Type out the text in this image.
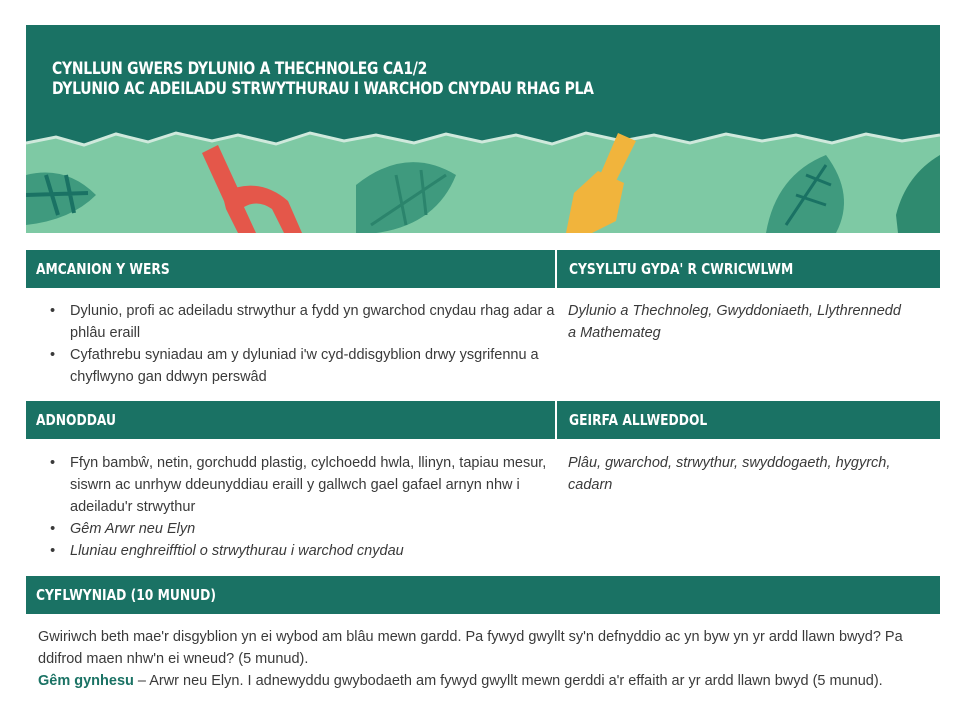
CYNLLUN GWERS DYLUNIO A THECHNOLEG CA1/2
DYLUNIO AC ADEILADU STRWYTHURAU I WARCHOD CNYDAU RHAG PLA
AMCANION Y WERS	CYSYLLTU GYDA' R CWRICWLWM
• Dylunio, profi ac adeiladu strwythur a fydd yn gwarchod cnydau rhag adar a phlâu eraill
• Cyfathrebu syniadau am y dyluniad i'w cyd-ddisgyblion drwy ysgrifennu a chyflwyno gan ddwyn perswâd
Dylunio a Thechnoleg, Gwyddoniaeth, Llythrennedd a Mathemateg
ADNODDAU	GEIRFA ALLWEDDOL
• Ffyn bambŵ, netin, gorchudd plastig, cylchoedd hwla, llinyn, tapiau mesur, siswrn ac unrhyw ddeunyddiau eraill y gallwch gael gafael arnyn nhw i adeiladu'r strwythur
• Gêm Arwr neu Elyn
• Lluniau enghreifftiol o strwythurau i warchod cnydau
Plâu, gwarchod, strwythur, swyddogaeth, hygyrch, cadarn
CYFLWYNIAD (10 MUNUD)
Gwiriwch beth mae'r disgyblion yn ei wybod am blâu mewn gardd. Pa fywyd gwyllt sy'n defnyddio ac yn byw yn yr ardd llawn bwyd? Pa ddifrod maen nhw'n ei wneud? (5 munud).
Gêm gynhesu – Arwr neu Elyn. I adnewyddu gwybodaeth am fywyd gwyllt mewn gerddi a'r effaith ar yr ardd llawn bwyd (5 munud).
